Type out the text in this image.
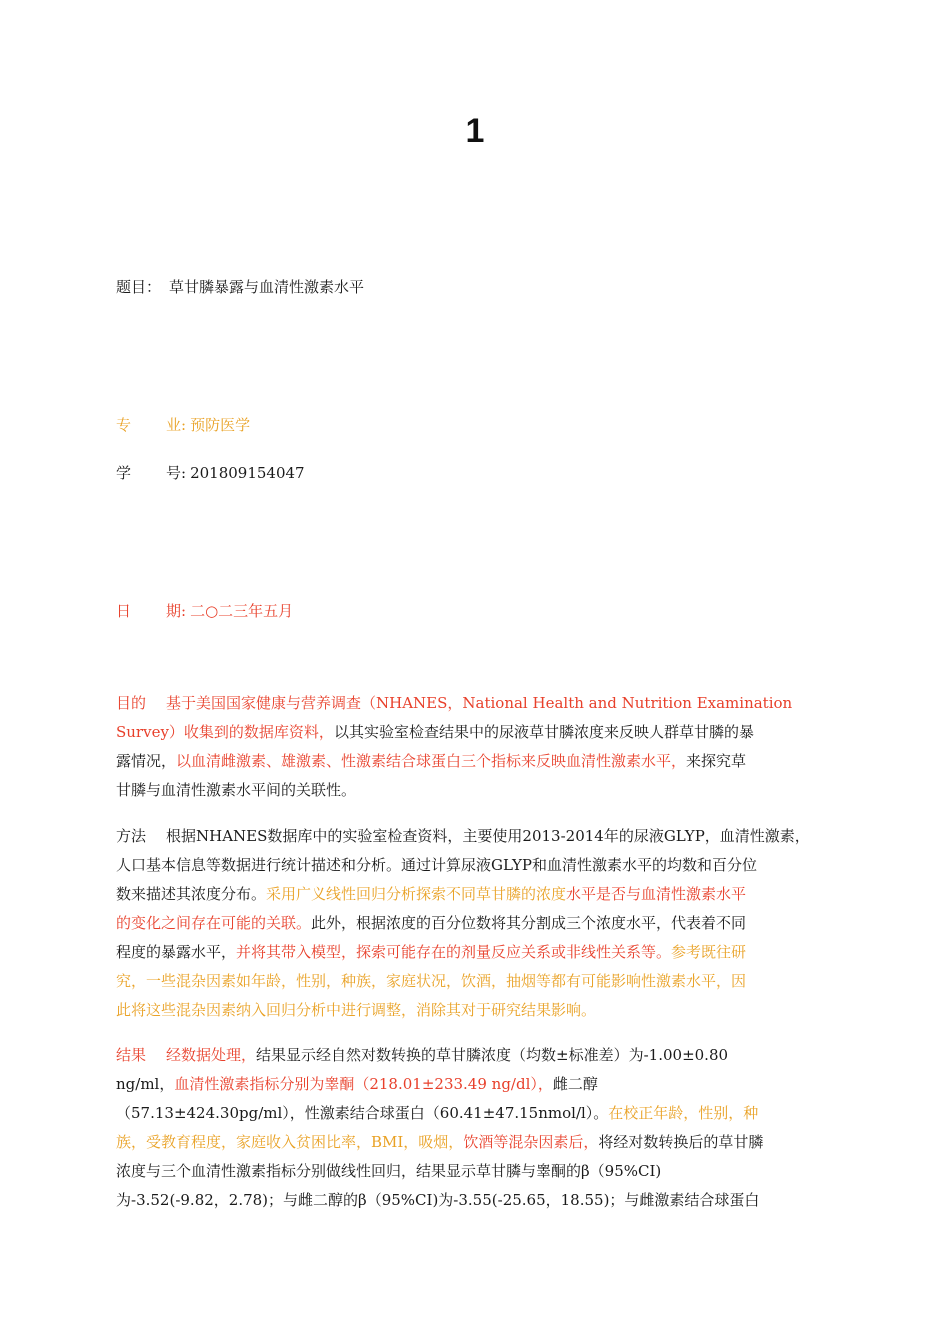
1
题目： 草甘膦暴露与血清性激素水平
专 业: 预防医学
学 号: 201809154047
日 期: 二○二三年五月
目的 基于美国国家健康与营养调查（NHANES，National Health and Nutrition Examination
Survey）收集到的数据库资料，以其实验室检查结果中的尿液草甘膦浓度来反映人群草甘膦的暴
露情况，以血清雌激素、雄激素、性激素结合球蛋白三个指标来反映血清性激素水平，来探究草
甘膦与血清性激素水平间的关联性。
方法 根据NHANES数据库中的实验室检查资料，主要使用2013-2014年的尿液GLYP，血清性激素，
人口基本信息等数据进行统计描述和分析。通过计算尿液GLYP和血清性激素水平的均数和百分位
数来描述其浓度分布。采用广义线性回归分析探索不同草甘膦的浓度水平是否与血清性激素水平
的变化之间存在可能的关联。此外，根据浓度的百分位数将其分割成三个浓度水平，代表着不同
程度的暴露水平，并将其带入模型，探索可能存在的剂量反应关系或非线性关系等。参考既往研
究，一些混杂因素如年龄，性别，种族，家庭状况，饮酒，抽烟等都有可能影响性激素水平，因
此将这些混杂因素纳入回归分析中进行调整，消除其对于研究结果影响。
结果 经数据处理，结果显示经自然对数转换的草甘膦浓度（均数±标准差）为-1.00±0.80
ng/ml，血清性激素指标分别为睾酮（218.01±233.49 ng/dl），雌二醇
（57.13±424.30pg/ml），性激素结合球蛋白（60.41±47.15nmol/l）。在校正年龄，性别，种
族，受教育程度，家庭收入贫困比率，BMI，吸烟，饮酒等混杂因素后，将经对数转换后的草甘膦
浓度与三个血清性激素指标分别做线性回归，结果显示草甘膦与睾酮的β（95%CI)
为-3.52(-9.82，2.78)；与雌二醇的β（95%CI)为-3.55(-25.65，18.55)；与雌激素结合球蛋白
